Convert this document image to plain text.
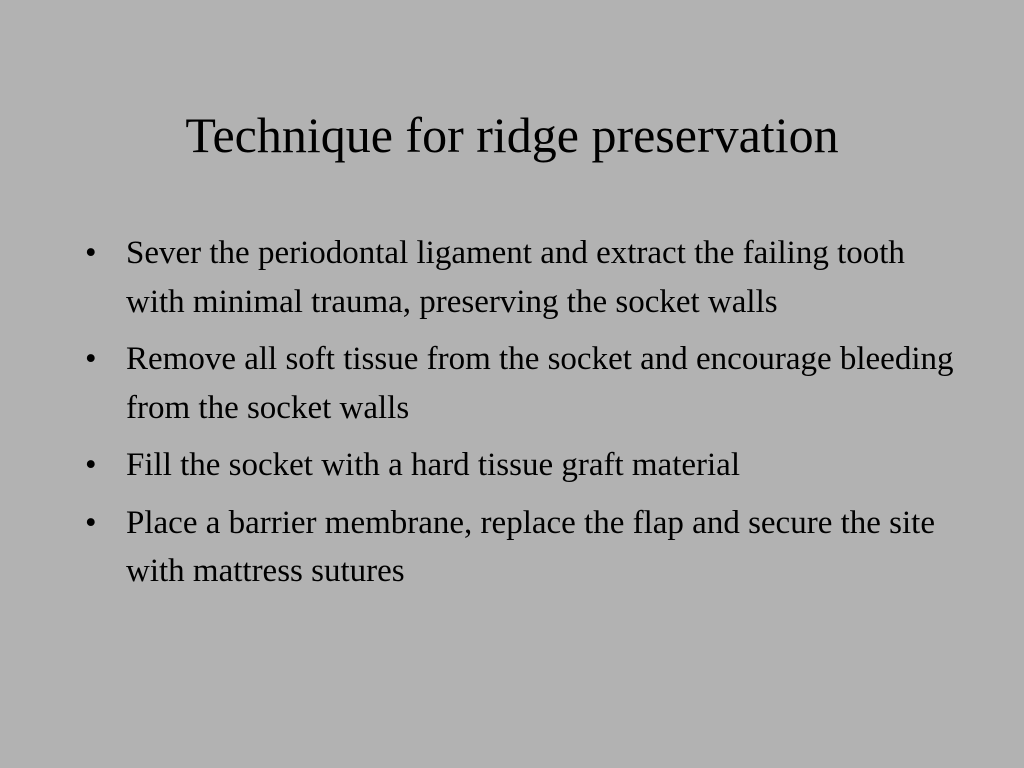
Technique for ridge preservation
• Sever the periodontal ligament and extract the failing tooth with minimal trauma, preserving the socket walls
• Remove all soft tissue from the socket and encourage bleeding from the socket walls
• Fill the socket with a hard tissue graft material
• Place a barrier membrane, replace the flap and secure the site with mattress sutures
